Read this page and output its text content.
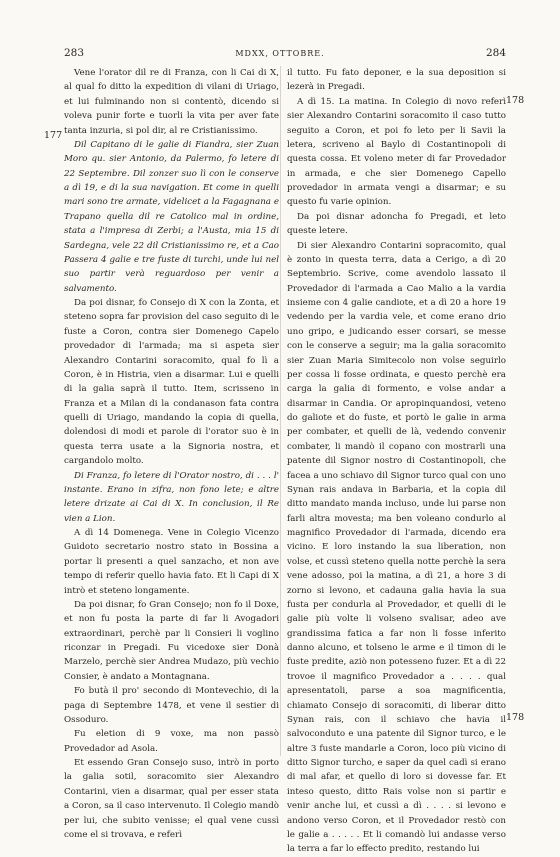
283	MDXX, OTTOBRE.	284
177
178
178

Vene l'orator dil re di Franza, con li Cai di X, al qual fo ditto la expedition di vilani di Uriago, et lui fulminando non si contentò, dicendo si voleva punir forte e tuorli la vita per aver fate tanta inzuria, si pol dir, al re Cristianissimo.

Dil Capitano di le galie di Fiandra, sier Zuan Moro qu. sier Antonio, da Palermo, fo letere di 22 Septembre. Dil zonzer suo lì con le conserve a dì 19, e di la sua navigation. Et come in quelli mari sono tre armate, videlicet a la Fagagnana e Trapano quella dil re Catolico mal in ordine, stata a l'impresa di Zerbi; a l'Austa, mia 15 di Sardegna, vele 22 dil Cristianissimo re, et a Cao Passera 4 galie e tre fuste di turchi, unde lui nel suo partir verà reguardoso per venir a salvamento.

Da poi disnar, fo Consejo di X con la Zonta, et steteno sopra far provision del caso seguito di le fuste a Coron, contra sier Domenego Capelo provedador di l'armada; ma si aspeta sier Alexandro Contarini soracomito, qual fo lì a Coron, è in Histria, vien a disarmar. Lui e quelli di la galia saprà il tutto. Item, scrisseno in Franza et a Milan di la condanason fata contra quelli di Uriago, mandando la copia di quella, dolendosi di modi et parole di l'orator suo è in questa terra usate a la Signoria nostra, et cargandolo molto.

Di Franza, fo letere di l'Orator nostro, di . . . l' instante. Erano in zifra, non fono lete; e altre letere drizate ai Cai di X. In conclusion, il Re vien a Lion.

A dì 14 Domenega. Vene in Colegio Vicenzo Guidoto secretario nostro stato in Bossina a portar li presenti a quel sanzacho, et non ave tempo di referir quello havia fato. Et li Capi di X intrò et steteno longamente.

Da poi disnar, fo Gran Consejo; non fo il Doxe, et non fu posta la parte di far li Avogadori extraordinari, perchè par li Consieri li voglino riconzar in Pregadi. Fu vicedoxe sier Donà Marzelo, perchè sier Andrea Mudazo, più vechio Consier, è andato a Montagnana.

Fo butà il pro' secondo di Montevechio, di la paga di Septembre 1478, et vene il sestier di Ossoduro.

Fu eletion di 9 voxe, ma non passò Provedador ad Asola.

Et essendo Gran Consejo suso, intrò in porto la galia sotil, soracomito sier Alexandro Contarini, vien a disarmar, qual per esser stata a Coron, sa il caso intervenuto. Il Colegio mandò per lui, che subito venisse; el qual vene cussì come el si trovava, e referì

il tutto. Fu fato deponer, e la sua deposition si lezerà in Pregadi.

A dì 15. La matina. In Colegio di novo referì sier Alexandro Contarini soracomito il caso tutto seguito a Coron, et poi fo leto per li Savii la letera, scriveno al Baylo di Costantinopoli di questa cossa. Et voleno meter di far Provedador in armada, e che sier Domenego Capello provedador in armata vengi a disarmar; e su questo fu varie opinion.

Da poi disnar adoncha fo Pregadi, et leto queste letere.

Di sier Alexandro Contarini sopracomito, qual è zonto in questa terra, data a Cerigo, a dì 20 Septembrio. Scrive, come avendolo lassato il Provedador di l'armada a Cao Malio a la vardia insieme con 4 galie candiote, et a dì 20 a hore 19 vedendo per la vardia vele, et come erano drio uno gripo, e judicando esser corsari, se messe con le conserve a seguir; ma la galia soracomito sier Zuan Maria Simitecolo non volse seguirlo per cossa li fosse ordinata, e questo perchè era carga la galia di formento, e volse andar a disarmar in Candia. Or apropinquandosi, veteno do galiote et do fuste, et portò le galie in arma per combater, et quelli de là, vedendo convenir combater, li mandò il copano con mostrarli una patente dil Signor nostro di Costantinopoli, che facea a uno schiavo dil Signor turco qual con uno Synan rais andava in Barbaria, et la copia dil ditto mandato manda incluso, unde lui parse non farli altra movesta; ma ben voleano condurlo al magnifico Provedador di l'armada, dicendo era vicino. E loro instando la sua liberation, non volse, et cussì steteno quella notte perchè la sera vene adosso, poi la matina, a dì 21, a hore 3 di zorno si levono, et cadauna galia havia la sua fusta per condurla al Provedador, et quelli di le galie più volte li volseno svalisar, adeo ave grandissima fatica a far non li fosse inferito danno alcuno, et tolseno le arme e il timon di le fuste predite, aziò non potesseno fuzer. Et a dì 22 trovoe il magnifico Provedador a . . . . qual apresentatoli, parse a soa magnificentia, chiamato Consejo di soracomiti, di liberar ditto Synan rais, con il schiavo che havia il salvoconduto e una patente dil Signor turco, e le altre 3 fuste mandarle a Coron, loco più vicino di ditto Signor turcho, e saper da quel cadì si erano di mal afar, et quello di loro si dovesse far. Et inteso questo, ditto Rais volse non si partir e venir anche lui, et cussì a dì . . . . si levono e andono verso Coron, et il Provedador restò con le galie a . . . . . Et li comandò lui andasse verso la terra a far lo effecto predito, restando lui
